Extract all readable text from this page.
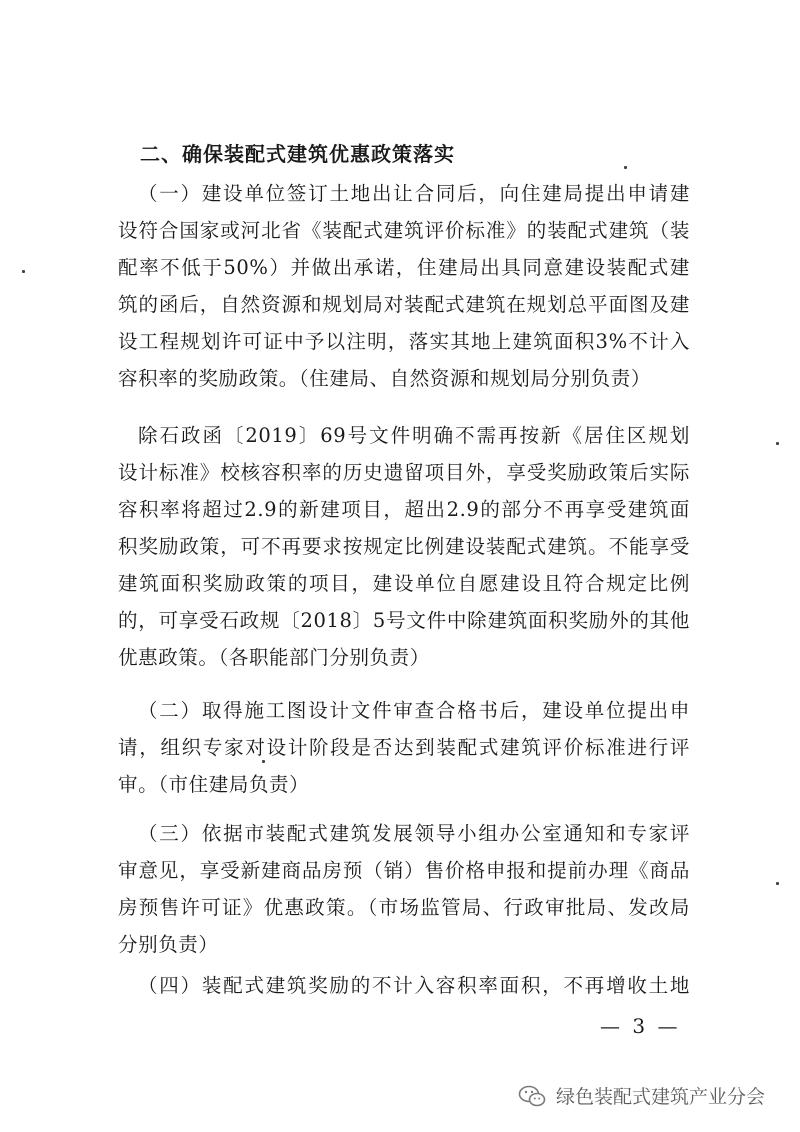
二、确保装配式建筑优惠政策落实
（一）建设单位签订土地出让合同后，向住建局提出申请建
设符合国家或河北省《装配式建筑评价标准》的装配式建筑（装
配率不低于50%）并做出承诺，住建局出具同意建设装配式建
筑的函后，自然资源和规划局对装配式建筑在规划总平面图及建
设工程规划许可证中予以注明，落实其地上建筑面积3%不计入
容积率的奖励政策。（住建局、自然资源和规划局分别负责）
除石政函〔2019〕69号文件明确不需再按新《居住区规划
设计标准》校核容积率的历史遗留项目外，享受奖励政策后实际
容积率将超过2.9的新建项目，超出2.9的部分不再享受建筑面
积奖励政策，可不再要求按规定比例建设装配式建筑。不能享受
建筑面积奖励政策的项目，建设单位自愿建设且符合规定比例
的，可享受石政规〔2018〕5号文件中除建筑面积奖励外的其他
优惠政策。（各职能部门分别负责）
（二）取得施工图设计文件审查合格书后，建设单位提出申
请，组织专家对设计阶段是否达到装配式建筑评价标准进行评
审。（市住建局负责）
（三）依据市装配式建筑发展领导小组办公室通知和专家评
审意见，享受新建商品房预（销）售价格申报和提前办理《商品
房预售许可证》优惠政策。（市场监管局、行政审批局、发改局
分别负责）
（四）装配式建筑奖励的不计入容积率面积，不再增收土地
— 3 —
绿色装配式建筑产业分会
